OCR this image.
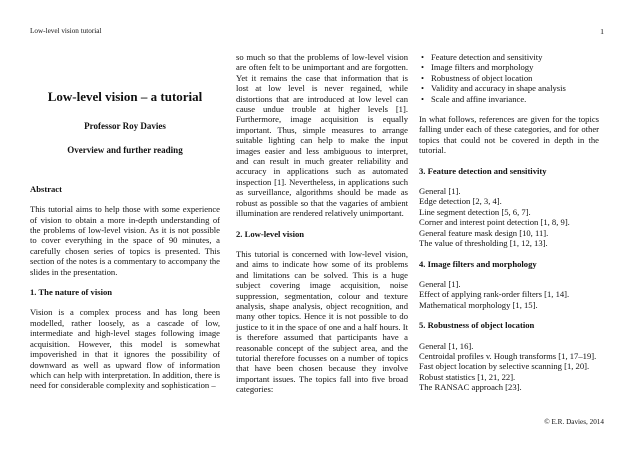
Low-level vision tutorial	1
Low-level vision – a tutorial
Professor Roy Davies
Overview and further reading
Abstract

This tutorial aims to help those with some experience of vision to obtain a more in-depth understanding of the problems of low-level vision. As it is not possible to cover everything in the space of 90 minutes, a carefully chosen series of topics is presented. This section of the notes is a commentary to accompany the slides in the presentation.

1. The nature of vision

Vision is a complex process and has long been modelled, rather loosely, as a cascade of low, intermediate and high-level stages following image acquisition. However, this model is somewhat impoverished in that it ignores the possibility of downward as well as upward flow of information which can help with interpretation. In addition, there is need for considerable complexity and sophistication –

so much so that the problems of low-level vision are often felt to be unimportant and are forgotten. Yet it remains the case that information that is lost at low level is never regained, while distortions that are introduced at low level can cause undue trouble at higher levels [1]. Furthermore, image acquisition is equally important. Thus, simple measures to arrange suitable lighting can help to make the input images easier and less ambiguous to interpret, and can result in much greater reliability and accuracy in applications such as automated inspection [1]. Nevertheless, in applications such as surveillance, algorithms should be made as robust as possible so that the vagaries of ambient illumination are rendered relatively unimportant.

2. Low-level vision

This tutorial is concerned with low-level vision, and aims to indicate how some of its problems and limitations can be solved. This is a huge subject covering image acquisition, noise suppression, segmentation, colour and texture analysis, shape analysis, object recognition, and many other topics. Hence it is not possible to do justice to it in the space of one and a half hours. It is therefore assumed that participants have a reasonable concept of the subject area, and the tutorial therefore focusses on a number of topics that have been chosen because they involve important issues. The topics fall into five broad categories:

• Feature detection and sensitivity
• Image filters and morphology
• Robustness of object location
• Validity and accuracy in shape analysis
• Scale and affine invariance.

In what follows, references are given for the topics falling under each of these categories, and for other topics that could not be covered in depth in the tutorial.

3. Feature detection and sensitivity
General [1].
Edge detection [2, 3, 4].
Line segment detection [5, 6, 7].
Corner and interest point detection [1, 8, 9].
General feature mask design [10, 11].
The value of thresholding [1, 12, 13].
4. Image filters and morphology
General [1].
Effect of applying rank-order filters [1, 14].
Mathematical morphology [1, 15].
5. Robustness of object location
General [1, 16].
Centroidal profiles v. Hough transforms [1, 17–19].
Fast object location by selective scanning [1, 20].
Robust statistics [1, 21, 22].
The RANSAC approach [23].
© E.R. Davies, 2014
